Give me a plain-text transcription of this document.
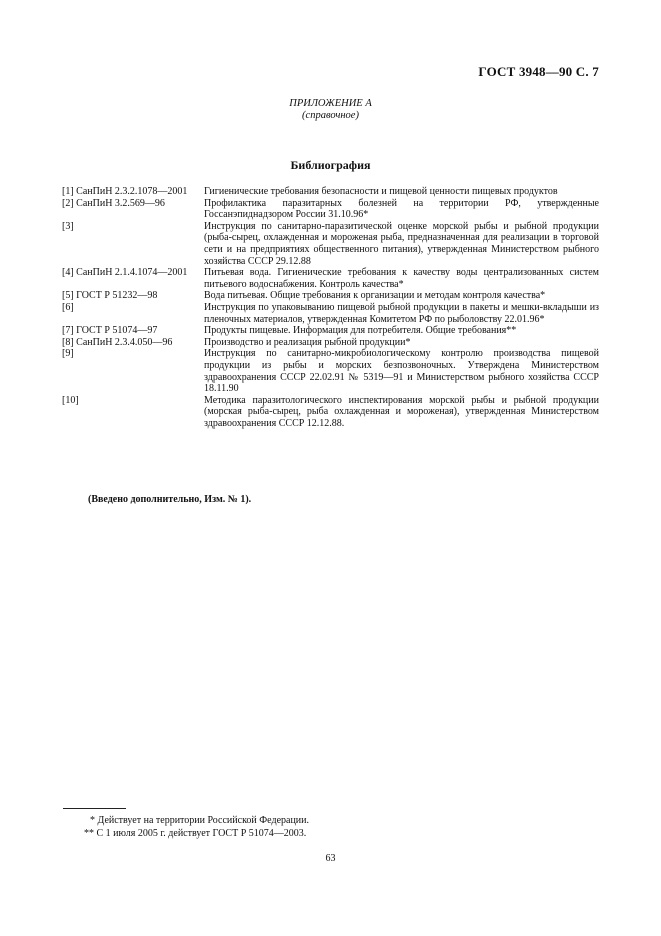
ГОСТ 3948—90 С. 7
ПРИЛОЖЕНИЕ А
(справочное)
Библиография
[1] СанПиН 2.3.2.1078—2001	Гигиенические требования безопасности и пищевой ценности пищевых продуктов
[2] СанПиН 3.2.569—96	Профилактика паразитарных болезней на территории РФ, утвержденные Госсанэпиднадзором России 31.10.96*
[3]	Инструкция по санитарно-паразитической оценке морской рыбы и рыбной продукции (рыба-сырец, охлажденная и мороженая рыба, предназначенная для реализации в торговой сети и на предприятиях общественного питания), утвержденная Министерством рыбного хозяйства СССР 29.12.88
[4] СанПиН 2.1.4.1074—2001	Питьевая вода. Гигиенические требования к качеству воды централизованных систем питьевого водоснабжения. Контроль качества*
[5] ГОСТ Р 51232—98	Вода питьевая. Общие требования к организации и методам контроля качества*
[6]	Инструкция по упаковыванию пищевой рыбной продукции в пакеты и мешки-вкладыши из пленочных материалов, утвержденная Комитетом РФ по рыболовству 22.01.96*
[7] ГОСТ Р 51074—97	Продукты пищевые. Информация для потребителя. Общие требования**
[8] СанПиН 2.3.4.050—96	Производство и реализация рыбной продукции*
[9]	Инструкция по санитарно-микробиологическому контролю производства пищевой продукции из рыбы и морских безпозвоночных. Утверждена Министерством здравоохранения СССР 22.02.91 № 5319—91 и Министерством рыбного хозяйства СССР 18.11.90
[10]	Методика паразитологического инспектирования морской рыбы и рыбной продукции (морская рыба-сырец, рыба охлажденная и мороженая), утвержденная Министерством здравоохранения СССР 12.12.88.
(Введено дополнительно, Изм. № 1).
* Действует на территории Российской Федерации.
** С 1 июля 2005 г. действует ГОСТ Р 51074—2003.
63
